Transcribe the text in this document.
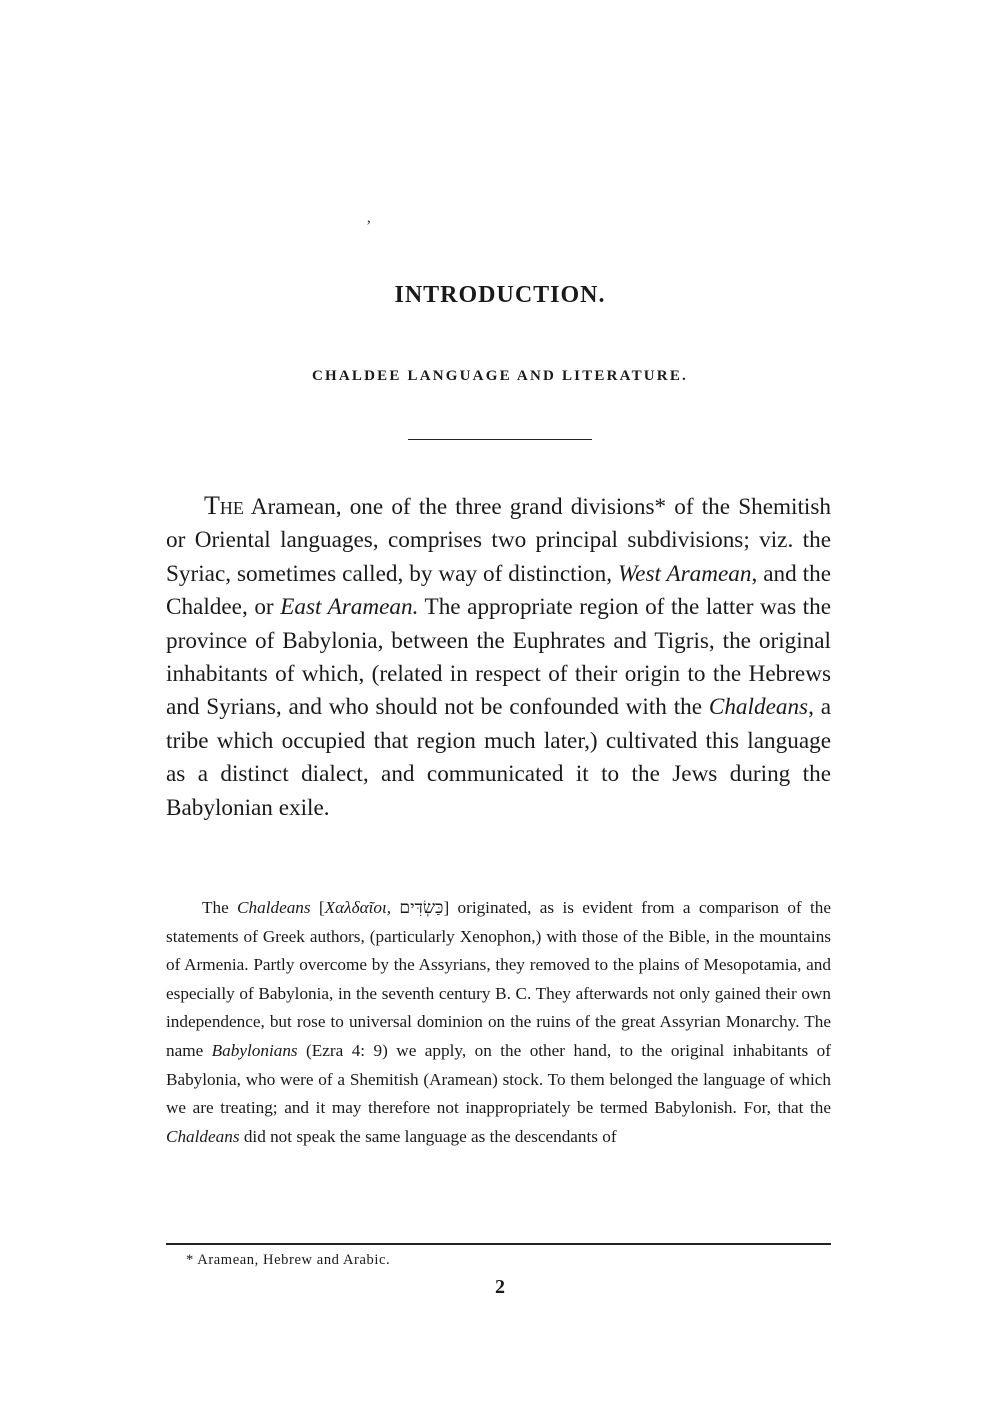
ʼ
INTRODUCTION.
CHALDEE LANGUAGE AND LITERATURE.

The Aramean, one of the three grand divisions* of the Shemitish or Oriental languages, comprises two principal subdivisions; viz. the Syriac, sometimes called, by way of distinction, West Aramean, and the Chaldee, or East Aramean. The appropriate region of the latter was the province of Babylonia, between the Euphrates and Tigris, the original inhabitants of which, (related in respect of their origin to the Hebrews and Syrians, and who should not be confounded with the Chaldeans, a tribe which occupied that region much later,) cultivated this language as a distinct dialect, and communicated it to the Jews during the Babylonian exile.

The Chaldeans [Χαλδαῖοι, כַּשְׂדִּים] originated, as is evident from a comparison of the statements of Greek authors, (particularly Xenophon,) with those of the Bible, in the mountains of Armenia. Partly overcome by the Assyrians, they removed to the plains of Mesopotamia, and especially of Babylonia, in the seventh century B. C. They afterwards not only gained their own independence, but rose to universal dominion on the ruins of the great Assyrian Monarchy. The name Babylonians (Ezra 4: 9) we apply, on the other hand, to the original inhabitants of Babylonia, who were of a Shemitish (Aramean) stock. To them belonged the language of which we are treating; and it may therefore not inappropriately be termed Babylonish. For, that the Chaldeans did not speak the same language as the descendants of

* Aramean, Hebrew and Arabic.
2
